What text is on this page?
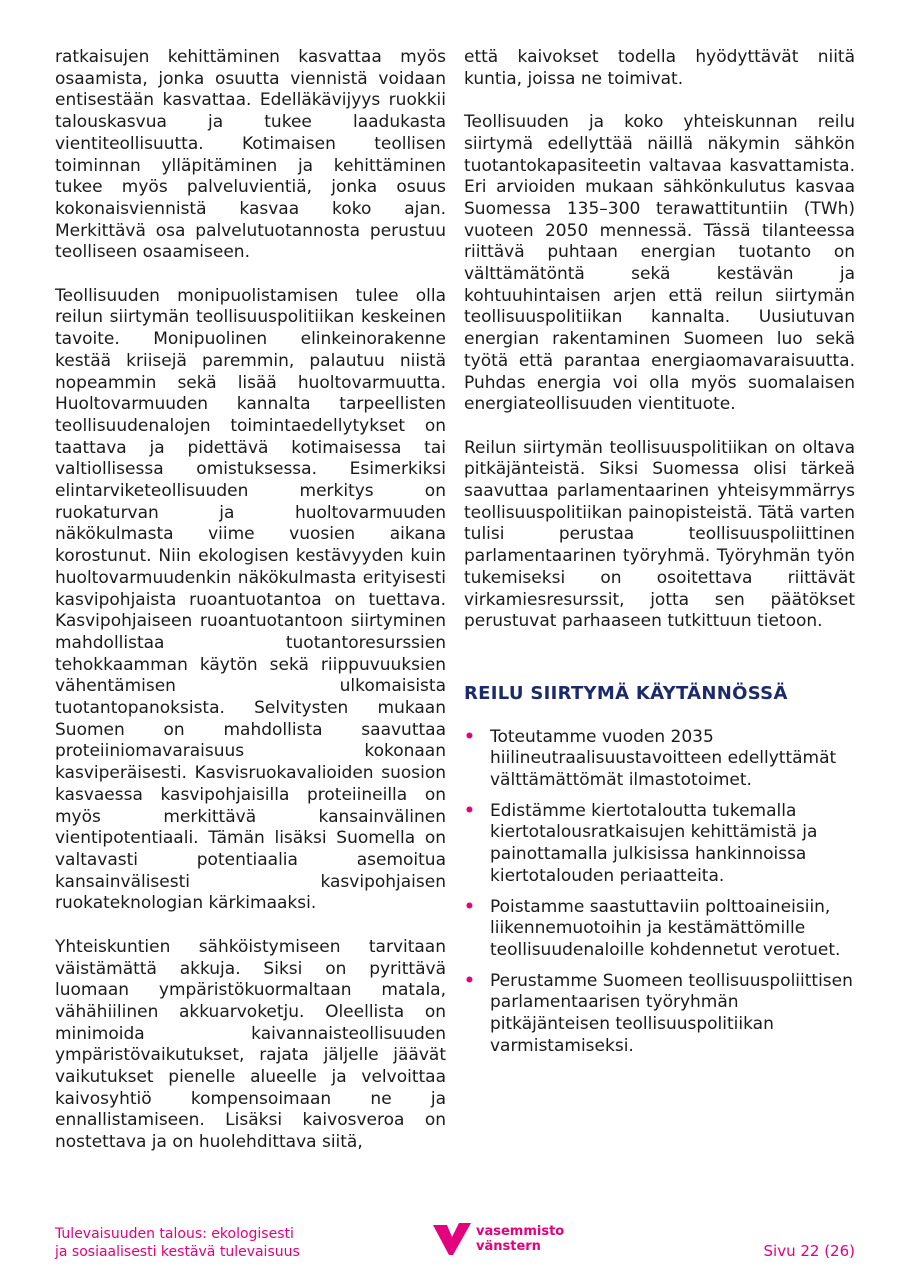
ratkaisujen kehittäminen kasvattaa myös osaamista, jonka osuutta viennistä voidaan entisestään kasvattaa. Edelläkävijyys ruokkii talouskasvua ja tukee laadukasta vientiteollisuutta. Kotimaisen teollisen toiminnan ylläpitäminen ja kehittäminen tukee myös palveluvientiä, jonka osuus kokonaisviennistä kasvaa koko ajan. Merkittävä osa palvelutuotannosta perustuu teolliseen osaamiseen.

Teollisuuden monipuolistamisen tulee olla reilun siirtymän teollisuuspolitiikan keskeinen tavoite. Monipuolinen elinkeinorakenne kestää kriisejä paremmin, palautuu niistä nopeammin sekä lisää huoltovarmuutta. Huoltovarmuuden kannalta tarpeellisten teollisuudenalojen toimintaedellytykset on taattava ja pidettävä kotimaisessa tai valtiollisessa omistuksessa. Esimerkiksi elintarviketeollisuuden merkitys on ruokaturvan ja huoltovarmuuden näkökulmasta viime vuosien aikana korostunut. Niin ekologisen kestävyyden kuin huoltovarmuudenkin näkökulmasta erityisesti kasvipohjaista ruoantuotantoa on tuettava. Kasvipohjaiseen ruoantuotantoon siirtyminen mahdollistaa tuotantoresurssien tehokkaamman käytön sekä riippuvuuksien vähentämisen ulkomaisista tuotantopanoksista. Selvitysten mukaan Suomen on mahdollista saavuttaa proteiiniomavaraisuus kokonaan kasviperäisesti. Kasvisruokavalioiden suosion kasvaessa kasvipohjaisilla proteiineilla on myös merkittävä kansainvälinen vientipotentiaali. Tämän lisäksi Suomella on valtavasti potentiaalia asemoitua kansainvälisesti kasvipohjaisen ruokateknologian kärkimaaksi.

Yhteiskuntien sähköistymiseen tarvitaan väistämättä akkuja. Siksi on pyrittävä luomaan ympäristökuormaltaan matala, vähähiilinen akkuarvoketju. Oleellista on minimoida kaivannaisteollisuuden ympäristövaikutukset, rajata jäljelle jäävät vaikutukset pienelle alueelle ja velvoittaa kaivosyhtiö kompensoimaan ne ja ennallistamiseen. Lisäksi kaivosveroa on nostettava ja on huolehdittava siitä,

että kaivokset todella hyödyttävät niitä kuntia, joissa ne toimivat.

Teollisuuden ja koko yhteiskunnan reilu siirtymä edellyttää näillä näkymin sähkön tuotantokapasiteetin valtavaa kasvattamista. Eri arvioiden mukaan sähkönkulutus kasvaa Suomessa 135–300 terawattituntiin (TWh) vuoteen 2050 mennessä. Tässä tilanteessa riittävä puhtaan energian tuotanto on välttämätöntä sekä kestävän ja kohtuuhintaisen arjen että reilun siirtymän teollisuuspolitiikan kannalta. Uusiutuvan energian rakentaminen Suomeen luo sekä työtä että parantaa energiaomavaraisuutta. Puhdas energia voi olla myös suomalaisen energiateollisuuden vientituote.

Reilun siirtymän teollisuuspolitiikan on oltava pitkäjänteistä. Siksi Suomessa olisi tärkeä saavuttaa parlamentaarinen yhteisymmärrys teollisuuspolitiikan painopisteistä. Tätä varten tulisi perustaa teollisuuspoliittinen parlamentaarinen työryhmä. Työryhmän työn tukemiseksi on osoitettava riittävät virkamiesresurssit, jotta sen päätökset perustuvat parhaaseen tutkittuun tietoon.

REILU SIIRTYMÄ KÄYTÄNNÖSSÄ
• Toteutamme vuoden 2035 hiilineutraalisuustavoitteen edellyttämät välttämättömät ilmastotoimet.
• Edistämme kiertotaloutta tukemalla kiertotalousratkaisujen kehittämistä ja painottamalla julkisissa hankinnoissa kiertotalouden periaatteita.
• Poistamme saastuttaviin polttoaineisiin, liikennemuotoihin ja kestämättömille teollisuudenaloille kohdennetut verotuet.
• Perustamme Suomeen teollisuuspoliittisen parlamentaarisen työryhmän pitkäjänteisen teollisuuspolitiikan varmistamiseksi.
Tulevaisuuden talous: ekologisesti
ja sosiaalisesti kestävä tulevaisuus
vasemmisto
vänstern	Sivu 22 (26)
